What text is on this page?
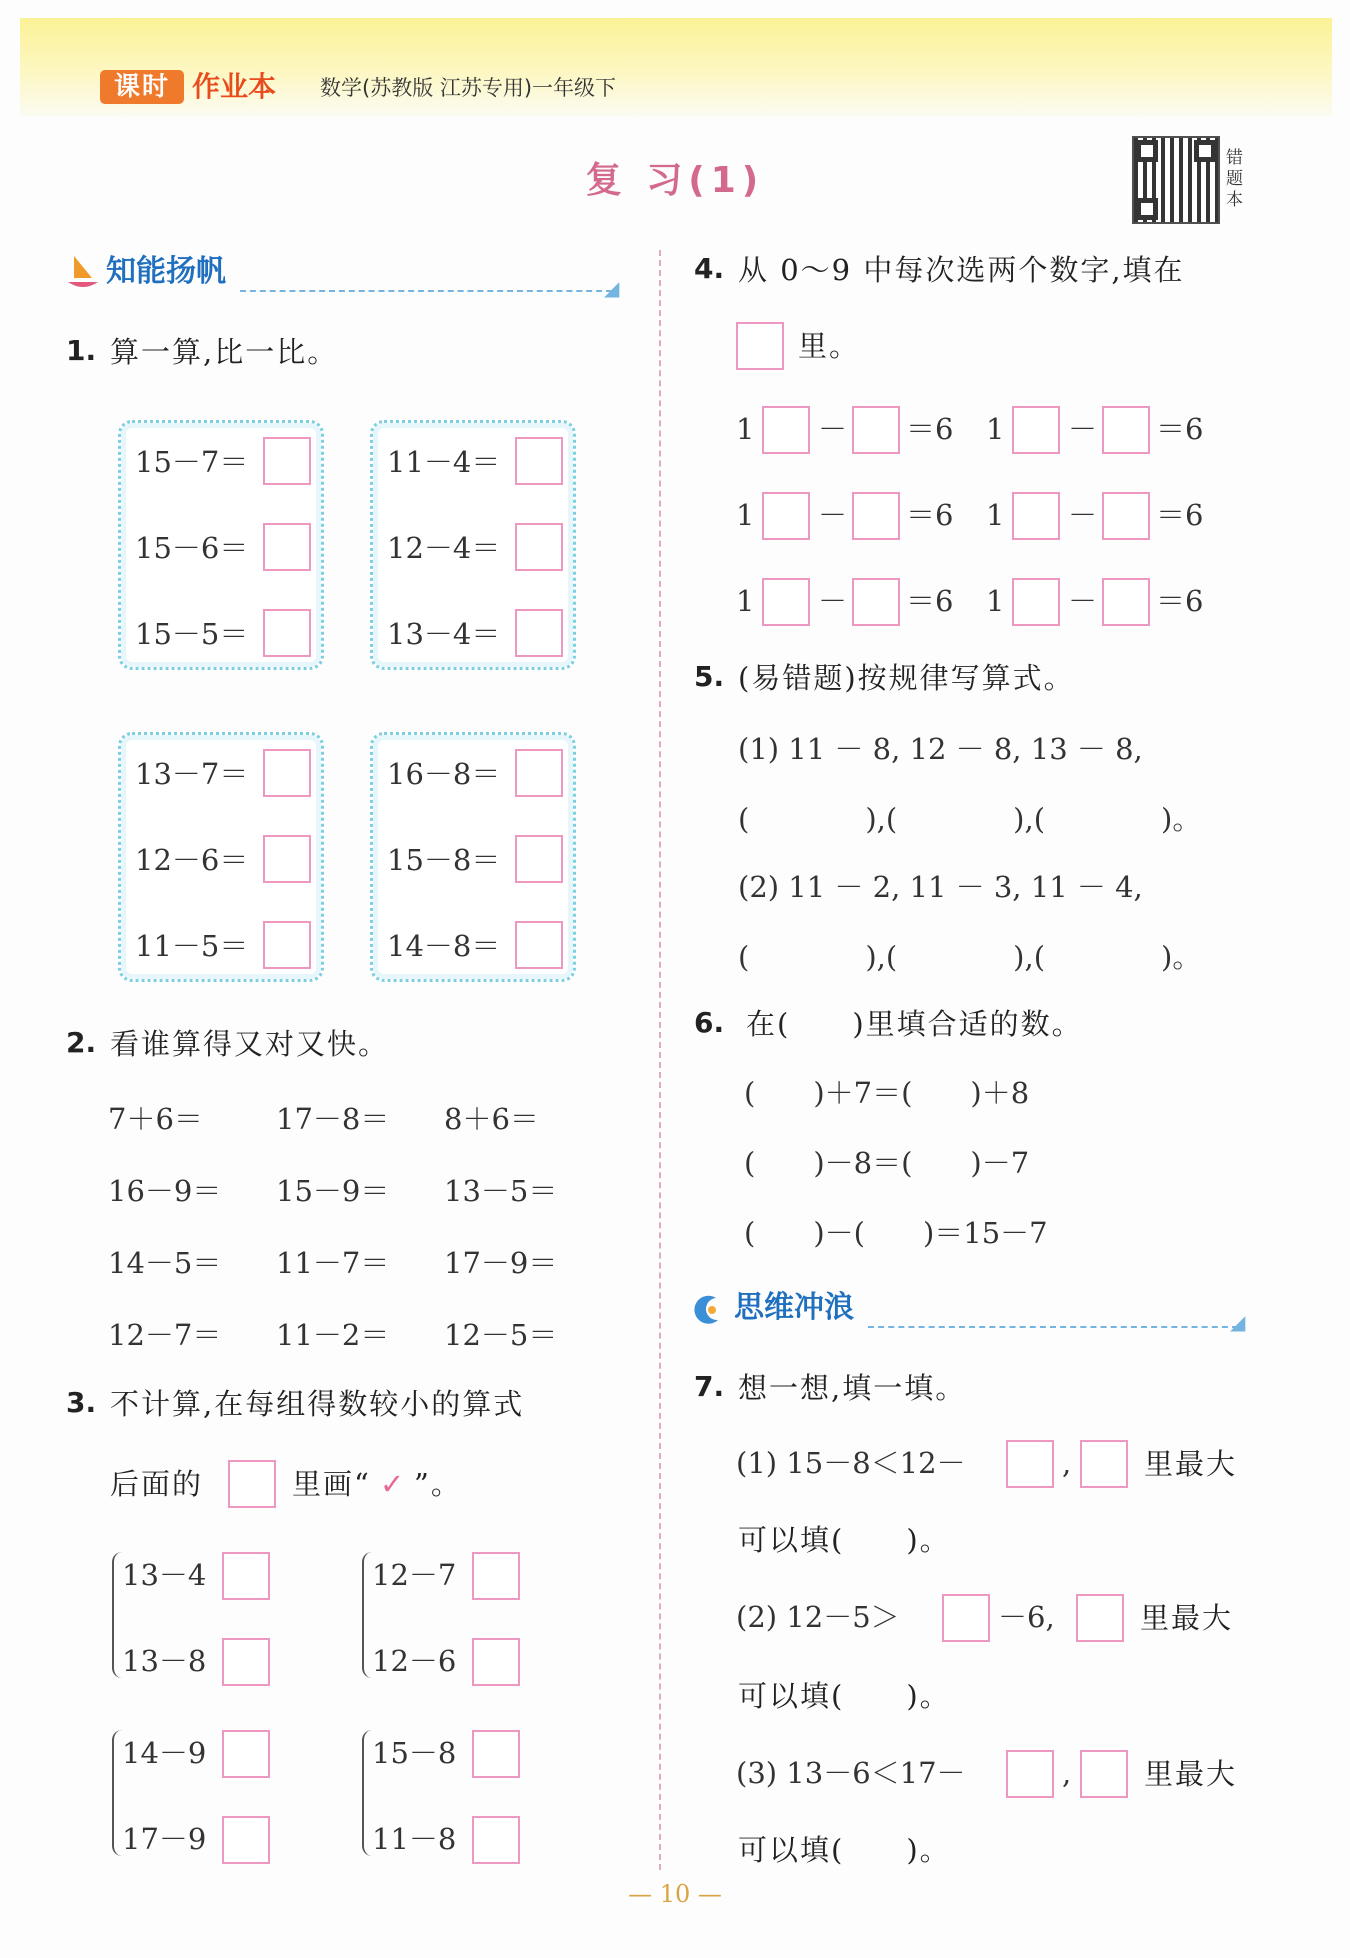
课时 作业本 数学(苏教版 江苏专用)一年级下
复 习(1)
错题本
知能扬帆	◢
1. 算一算,比一比。
15－7＝
15－6＝
15－5＝
11－4＝
12－4＝
13－4＝
13－7＝
12－6＝
11－5＝
16－8＝
15－8＝
14－8＝
2. 看谁算得又对又快。
7＋6＝	17－8＝ 8＋6＝
16－9＝ 15－9＝ 13－5＝
14－5＝ 11－7＝ 17－9＝
12－7＝ 11－2＝ 12－5＝
3. 不计算,在每组得数较小的算式
后面的	里画“ ✓ ”。
13－4
13－8
12－7
12－6
14－9
17－9
15－8
11－8
4. 从 0～9 中每次选两个数字,填在
里。
1 － ＝6 1 － ＝6
1 － ＝6 1 － ＝6
1 － ＝6 1 － ＝6
5. (易错题)按规律写算式。
(1) 11 － 8, 12 － 8, 13 － 8,
(　　　　),(　　　　),(　　　　)。
(2) 11 － 2, 11 － 3, 11 － 4,
(　　　　),(　　　　),(　　　　)。
6. 在(　　)里填合适的数。
(　　)＋7＝(　　)＋8
(　　)－8＝(　　)－7
(　　)－(　　)＝15－7
思维冲浪	◢
7. 想一想,填一填。
(1) 15－8＜12－	,	里最大
可以填(　　)。
(2) 12－5＞	－6,	里最大
可以填(　　)。
(3) 13－6＜17－	,	里最大
可以填(　　)。
— 10 —
